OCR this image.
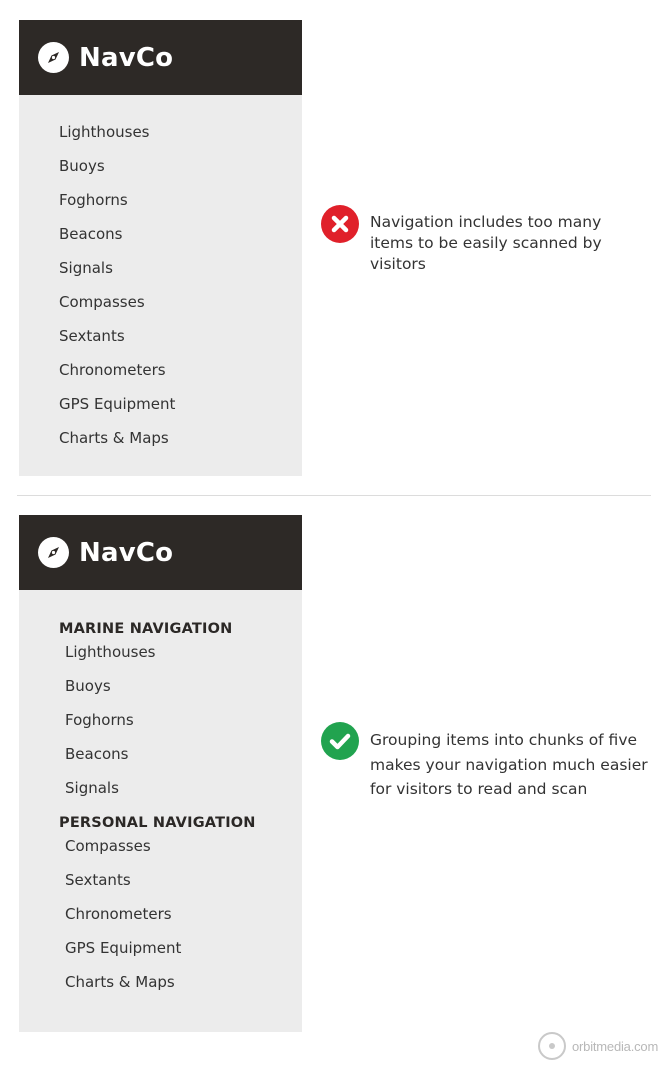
NavCo
Lighthouses
Buoys
Foghorns
Beacons
Signals
Compasses
Sextants
Chronometers
GPS Equipment
Charts & Maps
Navigation includes too many items to be easily scanned by visitors
NavCo
MARINE NAVIGATION
Lighthouses
Buoys
Foghorns
Beacons
Signals
PERSONAL NAVIGATION
Compasses
Sextants
Chronometers
GPS Equipment
Charts & Maps
Grouping items into chunks of five makes your navigation much easier for visitors to read and scan
orbitmedia.com
